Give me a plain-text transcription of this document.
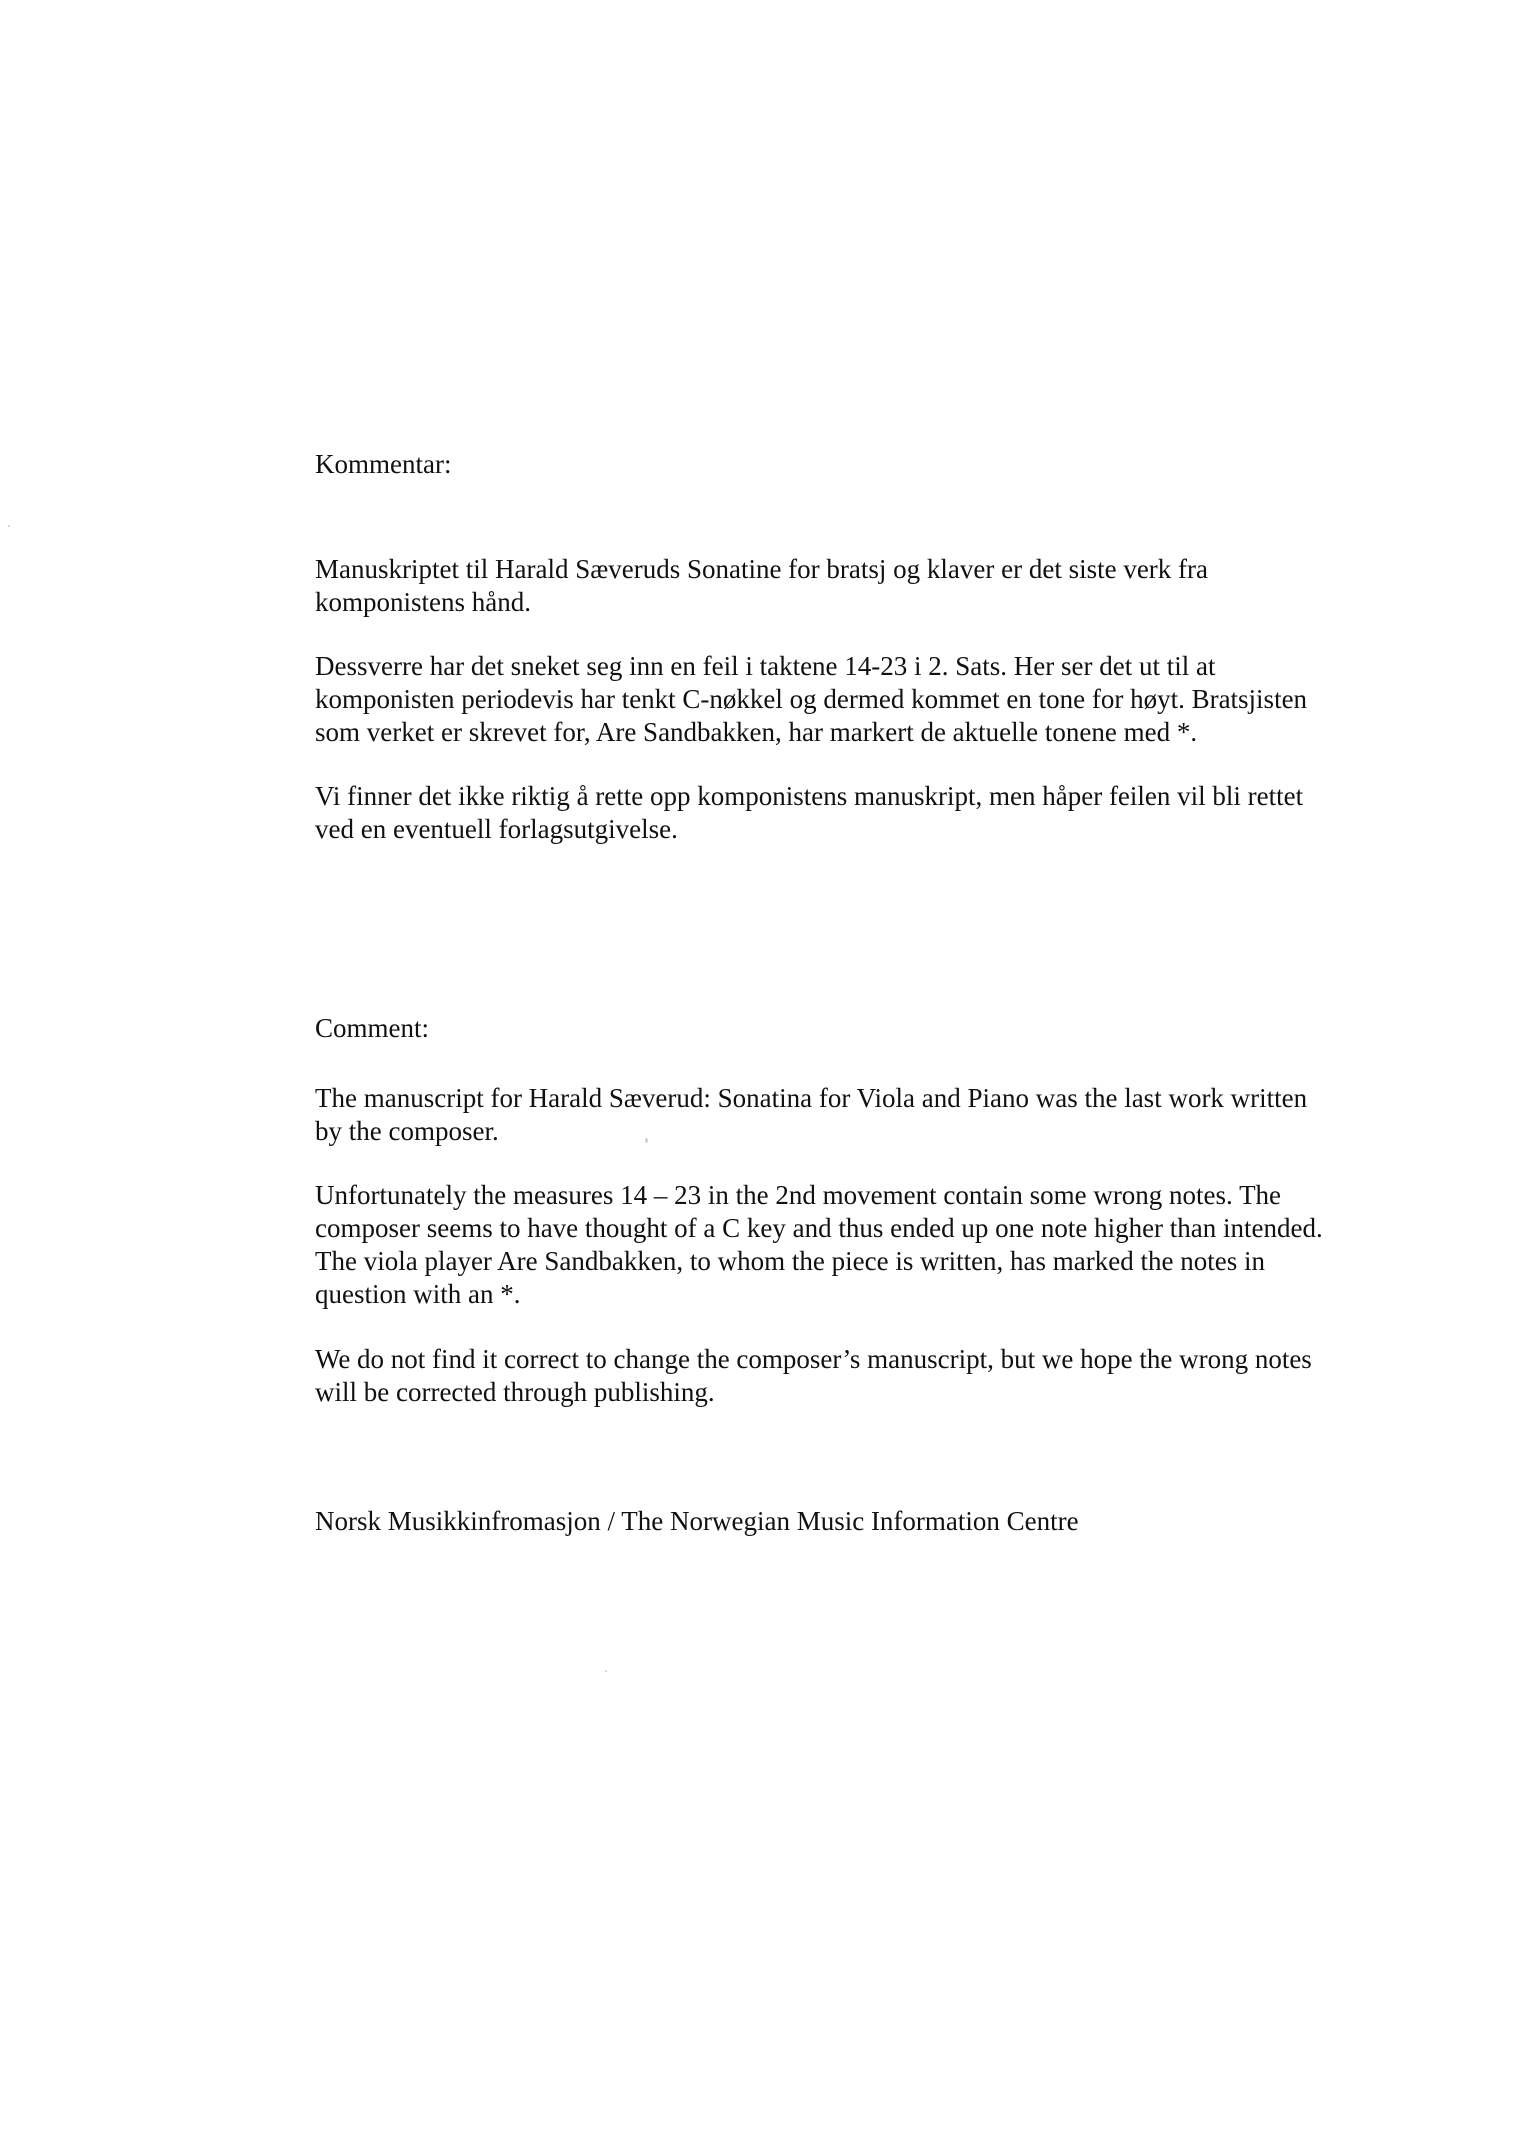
Kommentar:

Manuskriptet til Harald Sæveruds Sonatine for bratsj og klaver er det siste verk fra
komponistens hånd.

Dessverre har det sneket seg inn en feil i taktene 14-23 i 2. Sats. Her ser det ut til at
komponisten periodevis har tenkt C-nøkkel og dermed kommet en tone for høyt. Bratsjisten
som verket er skrevet for, Are Sandbakken, har markert de aktuelle tonene med *.

Vi finner det ikke riktig å rette opp komponistens manuskript, men håper feilen vil bli rettet
ved en eventuell forlagsutgivelse.

Comment:

The manuscript for Harald Sæverud: Sonatina for Viola and Piano was the last work written
by the composer.

Unfortunately the measures 14 – 23 in the 2nd movement contain some wrong notes. The
composer seems to have thought of a C key and thus ended up one note higher than intended.
The viola player Are Sandbakken, to whom the piece is written, has marked the notes in
question with an *.

We do not find it correct to change the composer’s manuscript, but we hope the wrong notes
will be corrected through publishing.

Norsk Musikkinfromasjon / The Norwegian Music Information Centre
